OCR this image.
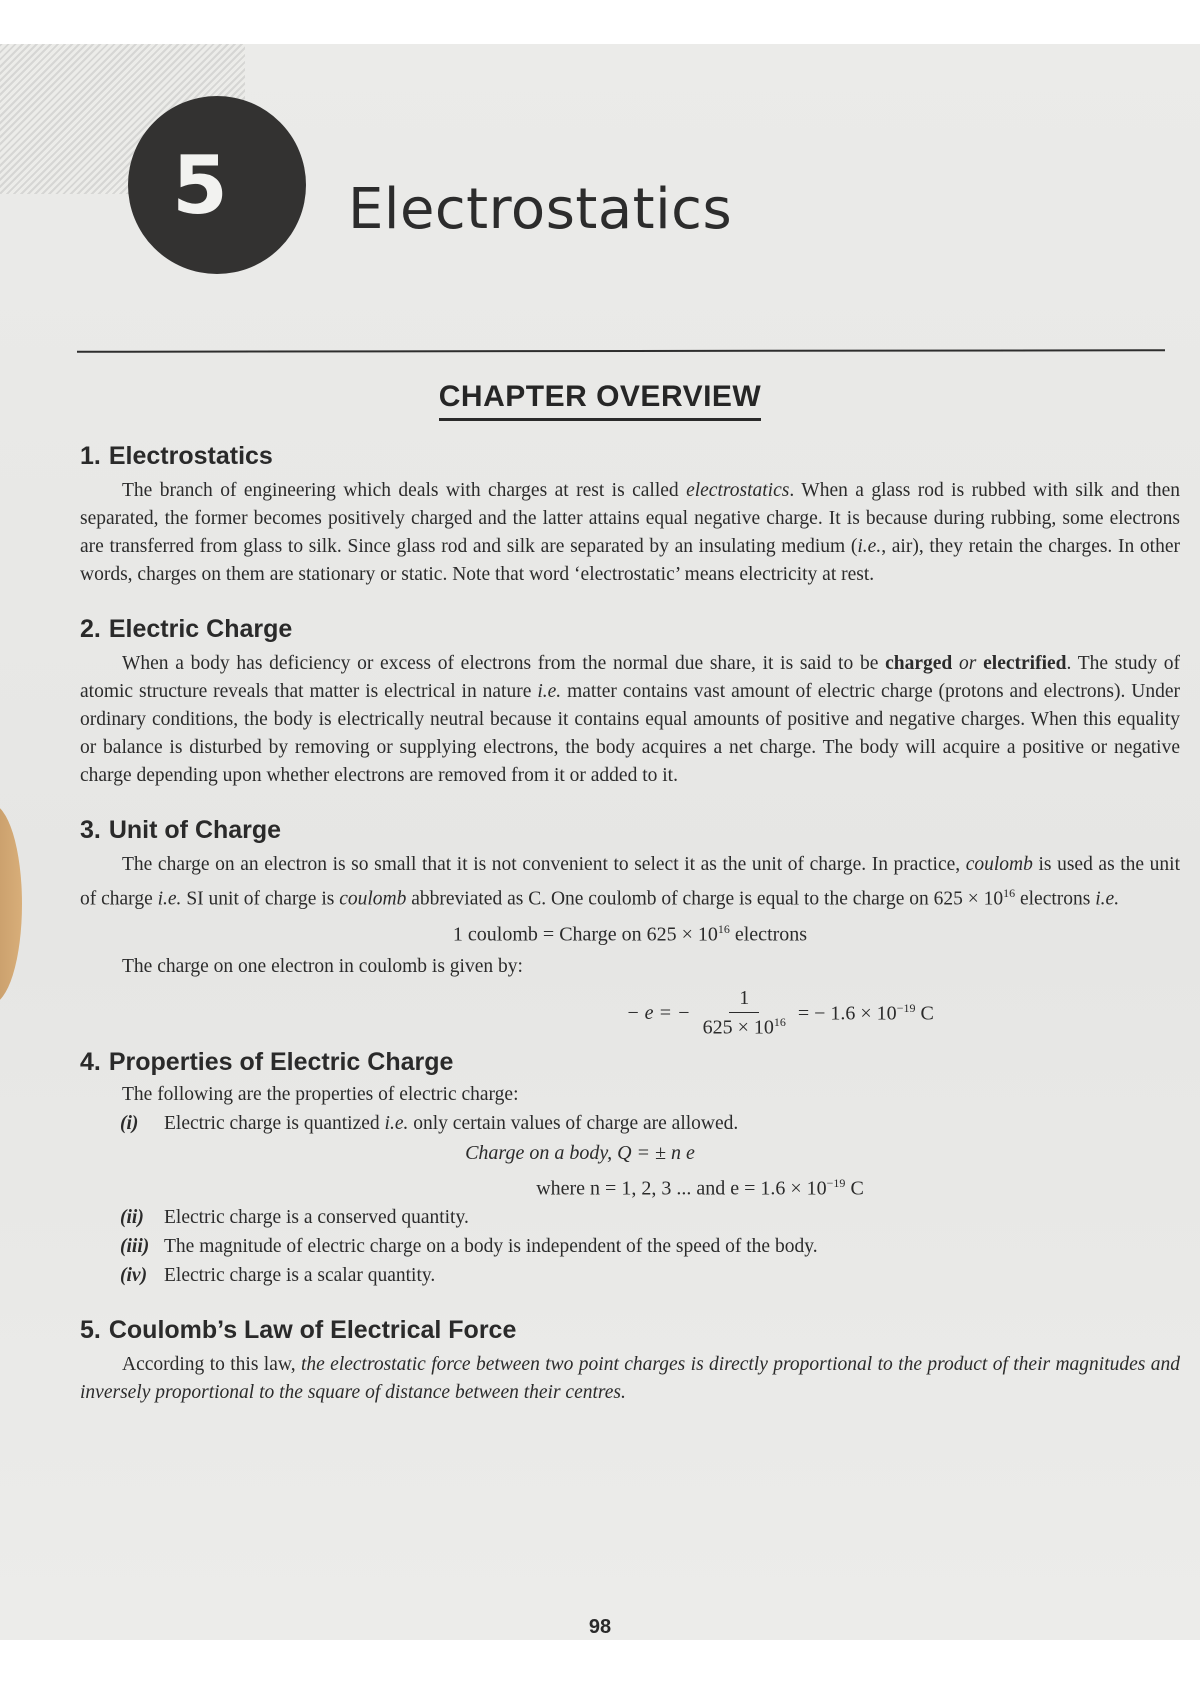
5 Electrostatics
CHAPTER OVERVIEW
1. Electrostatics

The branch of engineering which deals with charges at rest is called electrostatics. When a glass rod is rubbed with silk and then separated, the former becomes positively charged and the latter attains equal negative charge. It is because during rubbing, some electrons are transferred from glass to silk. Since glass rod and silk are separated by an insulating medium (i.e., air), they retain the charges. In other words, charges on them are stationary or static. Note that word ‘electrostatic’ means electricity at rest.

2. Electric Charge

When a body has deficiency or excess of electrons from the normal due share, it is said to be charged or electrified. The study of atomic structure reveals that matter is electrical in nature i.e. matter contains vast amount of electric charge (protons and electrons). Under ordinary conditions, the body is electrically neutral because it contains equal amounts of positive and negative charges. When this equality or balance is disturbed by removing or supplying electrons, the body acquires a net charge. The body will acquire a positive or negative charge depending upon whether electrons are removed from it or added to it.

3. Unit of Charge

The charge on an electron is so small that it is not convenient to select it as the unit of charge. In practice, coulomb is used as the unit of charge i.e. SI unit of charge is coulomb abbreviated as C. One coulomb of charge is equal to the charge on $625 \times 10^{16}$ electrons i.e.

1 coulomb = Charge on $625 \times 10^{16}$ electrons
The charge on one electron in coulomb is given by:
− e = − $\frac{1}{625 \times 10^{16}}$ = − $1.6 \times 10^{-19}$ C
4. Properties of Electric Charge
The following are the properties of electric charge:
(i)	Electric charge is quantized i.e. only certain values of charge are allowed.
Charge on a body, Q = ± n e
where n = 1, 2, 3 ... and $e = 1.6 \times 10^{-19}$ C
(ii)	Electric charge is a conserved quantity.
(iii) The magnitude of electric charge on a body is independent of the speed of the body.
(iv) Electric charge is a scalar quantity.
5. Coulomb’s Law of Electrical Force

According to this law, the electrostatic force between two point charges is directly proportional to the product of their magnitudes and inversely proportional to the square of distance between their centres.

98
